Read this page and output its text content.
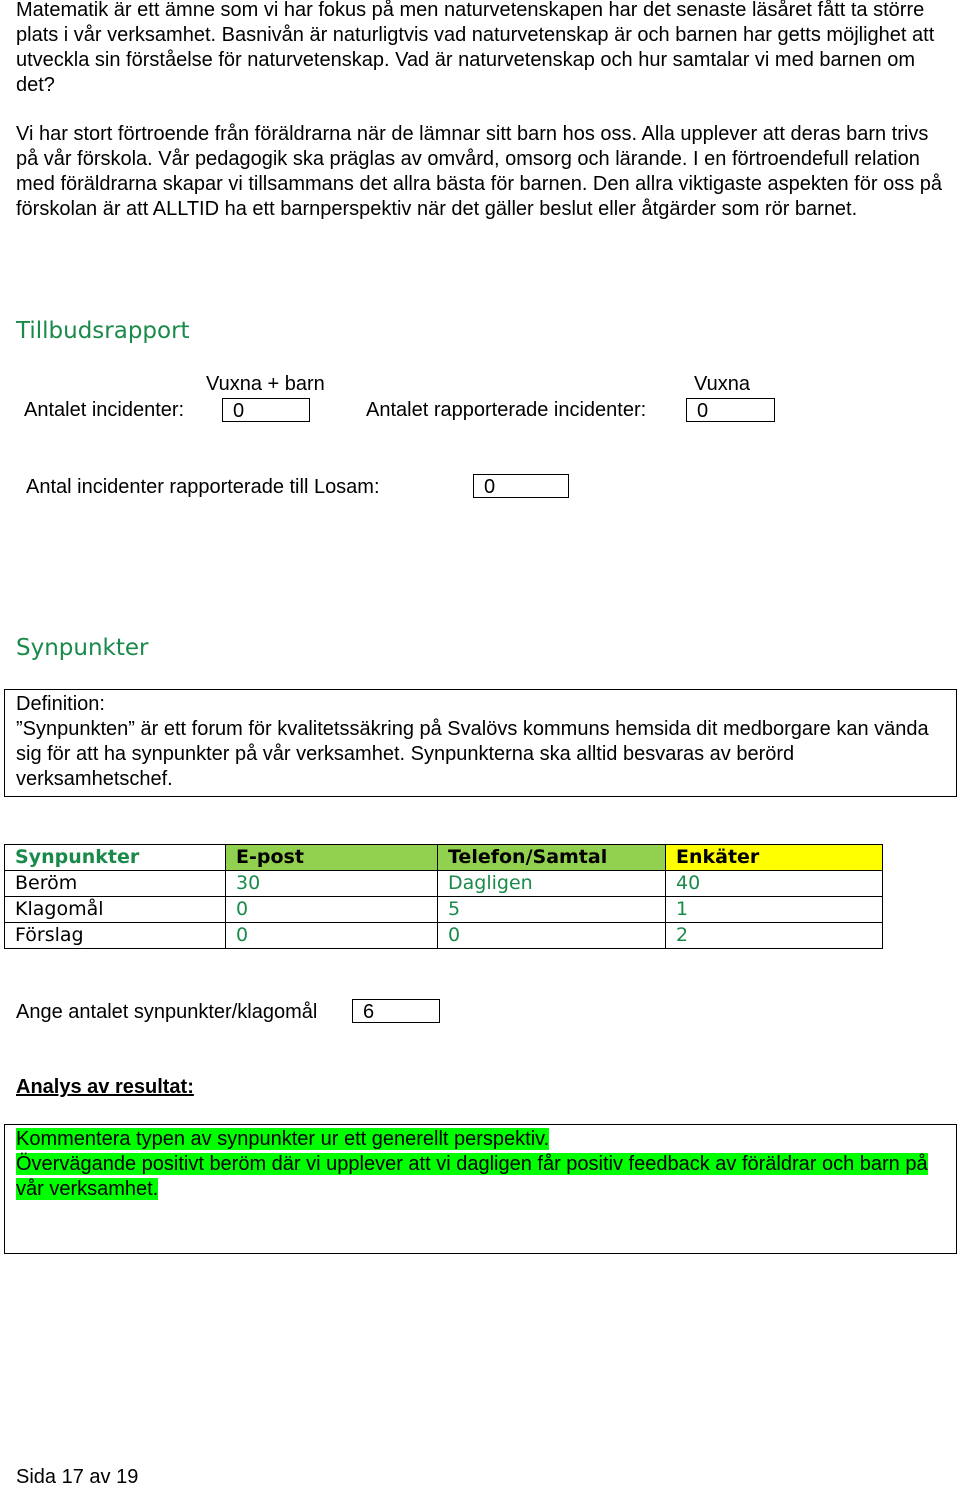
Matematik är ett ämne som vi har fokus på men naturvetenskapen har det senaste läsåret fått ta större plats i vår verksamhet. Basnivån är naturligtvis vad naturvetenskap är och barnen har getts möjlighet att utveckla sin förståelse för naturvetenskap. Vad är naturvetenskap och hur samtalar vi med barnen om det?

Vi har stort förtroende från föräldrarna när de lämnar sitt barn hos oss. Alla upplever att deras barn trivs på vår förskola. Vår pedagogik ska präglas av omvård, omsorg och lärande. I en förtroendefull relation med föräldrarna skapar vi tillsammans det allra bästa för barnen. Den allra viktigaste aspekten för oss på förskolan är att ALLTID ha ett barnperspektiv när det gäller beslut eller åtgärder som rör barnet.

Tillbudsrapport
Vuxna + barn	Vuxna
Antalet incidenter:	0	Antalet rapporterade incidenter:	0
Antal incidenter rapporterade till Losam:	0
Synpunkter
Definition:
”Synpunkten” är ett forum för kvalitetssäkring på Svalövs kommuns hemsida dit medborgare kan vända sig för att ha synpunkter på vår verksamhet. Synpunkterna ska alltid besvaras av berörd verksamhetschef.
Synpunkter	E-post	Telefon/Samtal	Enkäter
Beröm	30	Dagligen	40
Klagomål	0	5	1
Förslag	0	0	2
Ange antalet synpunkter/klagomål	6
Analys av resultat:
Kommentera typen av synpunkter ur ett generellt perspektiv.
Övervägande positivt beröm där vi upplever att vi dagligen får positiv feedback av föräldrar och barn på vår verksamhet.
Sida 17 av 19
